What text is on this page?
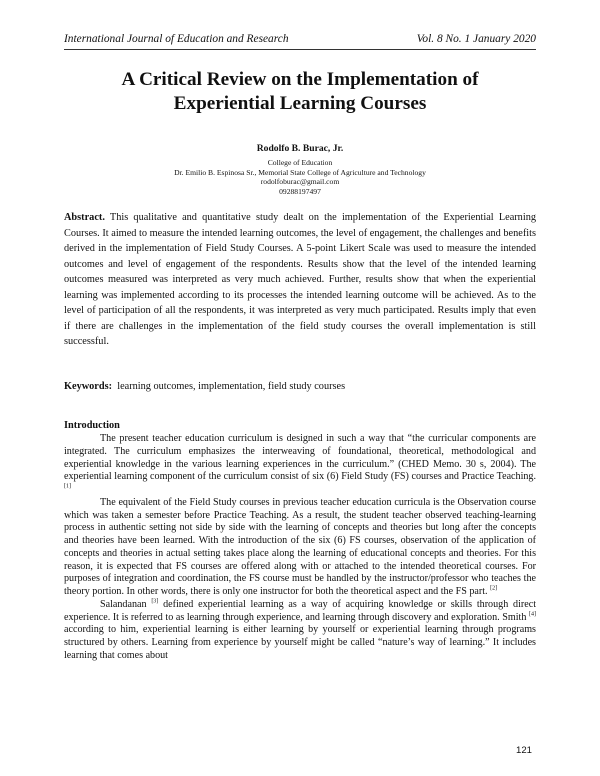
International Journal of Education and Research	Vol. 8 No. 1 January 2020
A Critical Review on the Implementation of
Experiential Learning Courses
Rodolfo B. Burac, Jr.
College of Education
Dr. Emilio B. Espinosa Sr., Memorial State College of Agriculture and Technology
rodolfoburac@gmail.com
09288197497
Abstract. This qualitative and quantitative study dealt on the implementation of the Experiential Learning Courses. It aimed to measure the intended learning outcomes, the level of engagement, the challenges and benefits derived in the implementation of Field Study Courses. A 5-point Likert Scale was used to measure the intended outcomes and level of engagement of the respondents. Results show that the level of the intended learning outcomes measured was interpreted as very much achieved. Further, results show that when the experiential learning was implemented according to its processes the intended learning outcome will be achieved. As to the level of participation of all the respondents, it was interpreted as very much participated. Results imply that even if there are challenges in the implementation of the field study courses the overall implementation is still successful.
Keywords: learning outcomes, implementation, field study courses
Introduction

The present teacher education curriculum is designed in such a way that “the curricular components are integrated. The curriculum emphasizes the interweaving of foundational, theoretical, methodological and experiential knowledge in the various learning experiences in the curriculum.” (CHED Memo. 30 s, 2004). The experiential learning component of the curriculum consist of six (6) Field Study (FS) courses and Practice Teaching. [1]

The equivalent of the Field Study courses in previous teacher education curricula is the Observation course which was taken a semester before Practice Teaching. As a result, the student teacher observed teaching-learning process in authentic setting not side by side with the learning of concepts and theories but long after the concepts and theories have been learned. With the introduction of the six (6) FS courses, observation of the application of concepts and theories in actual setting takes place along the learning of educational concepts and theories. For this reason, it is expected that FS courses are offered along with or attached to the intended theoretical courses. For purposes of integration and coordination, the FS course must be handled by the instructor/professor who teaches the theory portion. In other words, there is only one instructor for both the theoretical aspect and the FS part. [2]

Salandanan [3] defined experiential learning as a way of acquiring knowledge or skills through direct experience. It is referred to as learning through experience, and learning through discovery and exploration. Smith [4] according to him, experiential learning is either learning by yourself or experiential learning through programs structured by others. Learning from experience by yourself might be called “nature’s way of learning.” It includes learning that comes about

121
